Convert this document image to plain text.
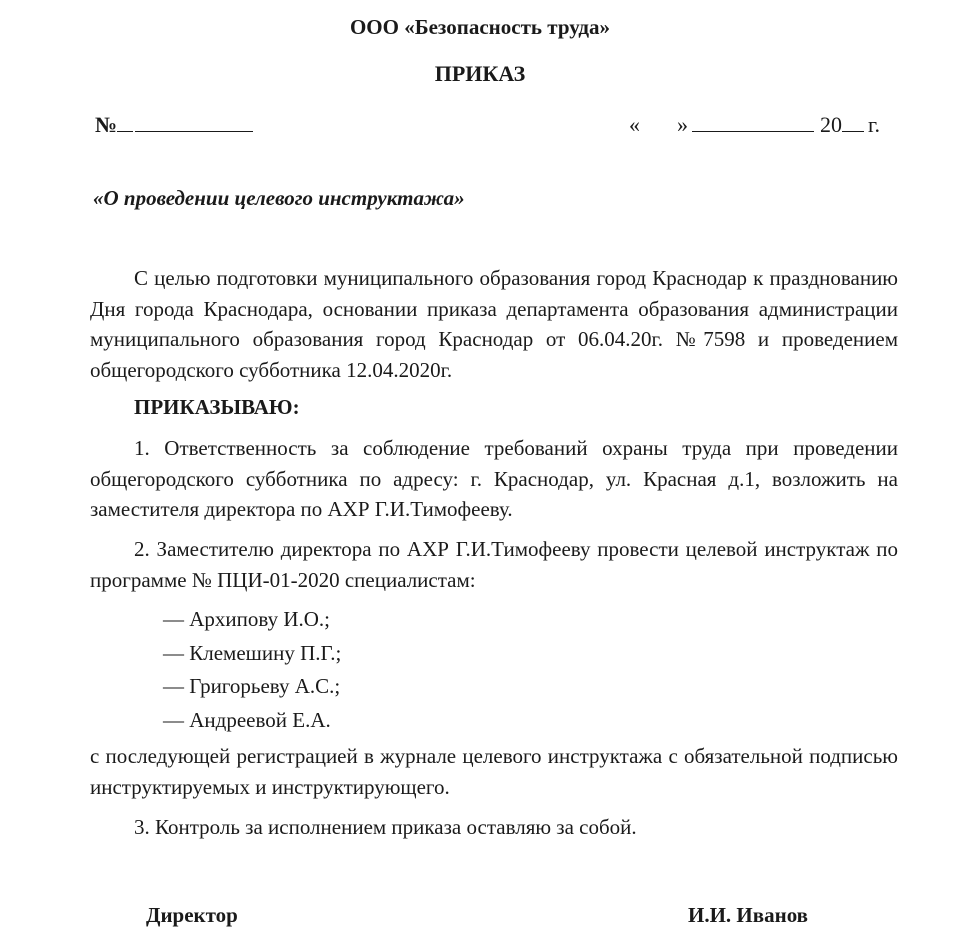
ООО «Безопасность труда»
ПРИКАЗ
№	« »	20 г.
«О проведении целевого инструктажа»
С целью подготовки муниципального образования город Краснодар к празднованию Дня города Краснодара, основании приказа департамента образования администрации муниципального образования город Краснодар от 06.04.20г. №7598 и проведением общегородского субботника 12.04.2020г.
ПРИКАЗЫВАЮ:
1. Ответственность за соблюдение требований охраны труда при проведении общегородского субботника по адресу: г. Краснодар, ул. Красная д.1, возложить на заместителя директора по АХР Г.И.Тимофееву.
2. Заместителю директора по АХР Г.И.Тимофееву провести целевой инструктаж по программе № ПЦИ-01-2020 специалистам:
— Архипову И.О.;
— Клемешину П.Г.;
— Григорьеву А.С.;
— Андреевой Е.А.
с последующей регистрацией в журнале целевого инструктажа с обязательной подписью инструктируемых и инструктирующего.
3. Контроль за исполнением приказа оставляю за собой.
Директор	И.И. Иванов
